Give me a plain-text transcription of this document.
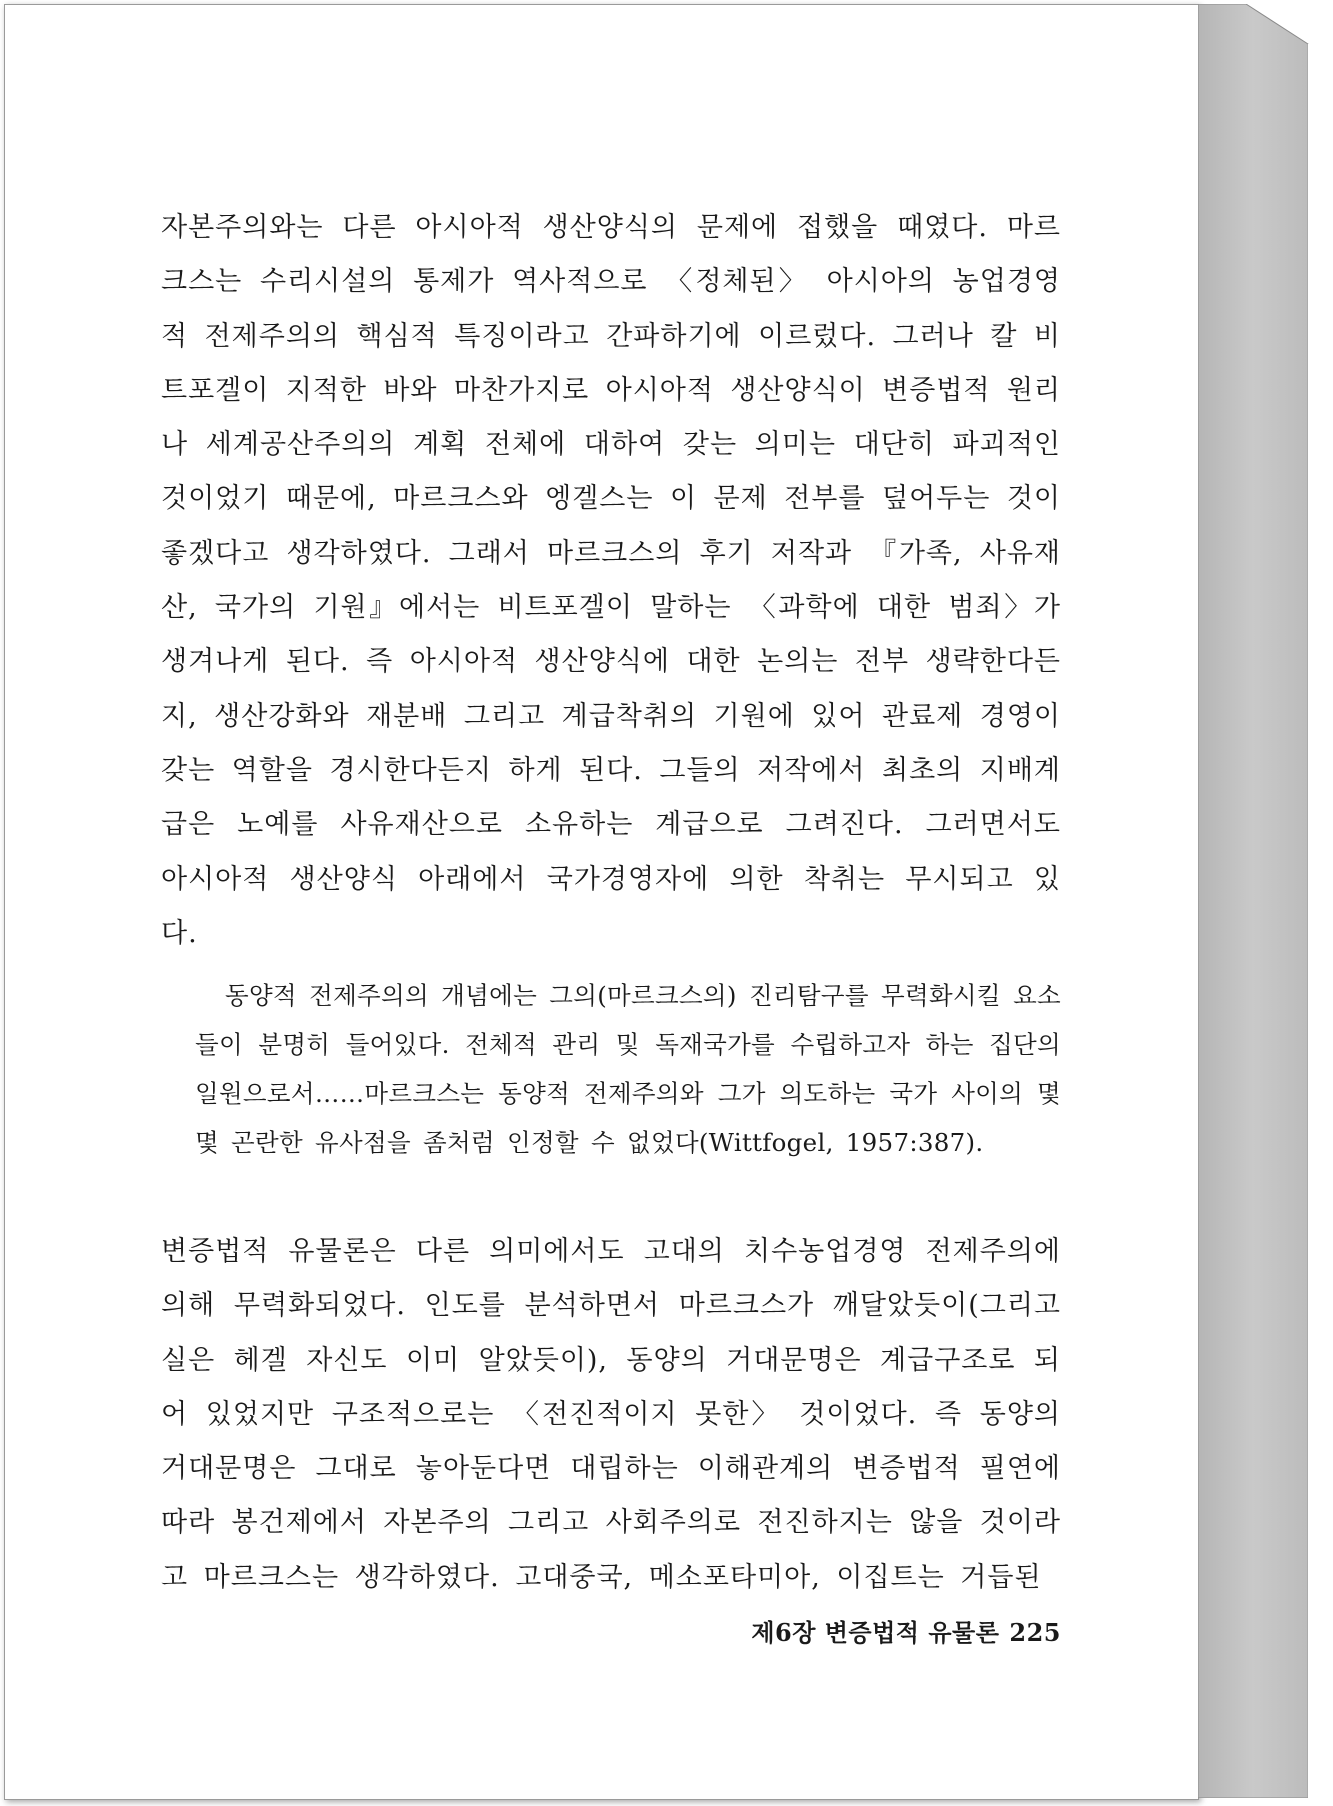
자본주의와는 다른 아시아적 생산양식의 문제에 접했을 때였다. 마르크스는 수리시설의 통제가 역사적으로 〈정체된〉 아시아의 농업경영적 전제주의의 핵심적 특징이라고 간파하기에 이르렀다. 그러나 칼 비트포겔이 지적한 바와 마찬가지로 아시아적 생산양식이 변증법적 원리나 세계공산주의의 계획 전체에 대하여 갖는 의미는 대단히 파괴적인 것이었기 때문에, 마르크스와 엥겔스는 이 문제 전부를 덮어두는 것이 좋겠다고 생각하였다. 그래서 마르크스의 후기 저작과 『가족, 사유재산, 국가의 기원』에서는 비트포겔이 말하는 〈과학에 대한 범죄〉가 생겨나게 된다. 즉 아시아적 생산양식에 대한 논의는 전부 생략한다든지, 생산강화와 재분배 그리고 계급착취의 기원에 있어 관료제 경영이 갖는 역할을 경시한다든지 하게 된다. 그들의 저작에서 최초의 지배계급은 노예를 사유재산으로 소유하는 계급으로 그려진다. 그러면서도 아시아적 생산양식 아래에서 국가경영자에 의한 착취는 무시되고 있다.

동양적 전제주의의 개념에는 그의(마르크스의) 진리탐구를 무력화시킬 요소들이 분명히 들어있다. 전체적 관리 및 독재국가를 수립하고자 하는 집단의 일원으로서……마르크스는 동양적 전제주의와 그가 의도하는 국가 사이의 몇몇 곤란한 유사점을 좀처럼 인정할 수 없었다(Wittfogel, 1957:387).

변증법적 유물론은 다른 의미에서도 고대의 치수농업경영 전제주의에 의해 무력화되었다. 인도를 분석하면서 마르크스가 깨달았듯이(그리고 실은 헤겔 자신도 이미 알았듯이), 동양의 거대문명은 계급구조로 되어 있었지만 구조적으로는 〈전진적이지 못한〉 것이었다. 즉 동양의 거대문명은 그대로 놓아둔다면 대립하는 이해관계의 변증법적 필연에 따라 봉건제에서 자본주의 그리고 사회주의로 전진하지는 않을 것이라고 마르크스는 생각하였다. 고대중국, 메소포타미아, 이집트는 거듭된

제6장 변증법적 유물론 225
